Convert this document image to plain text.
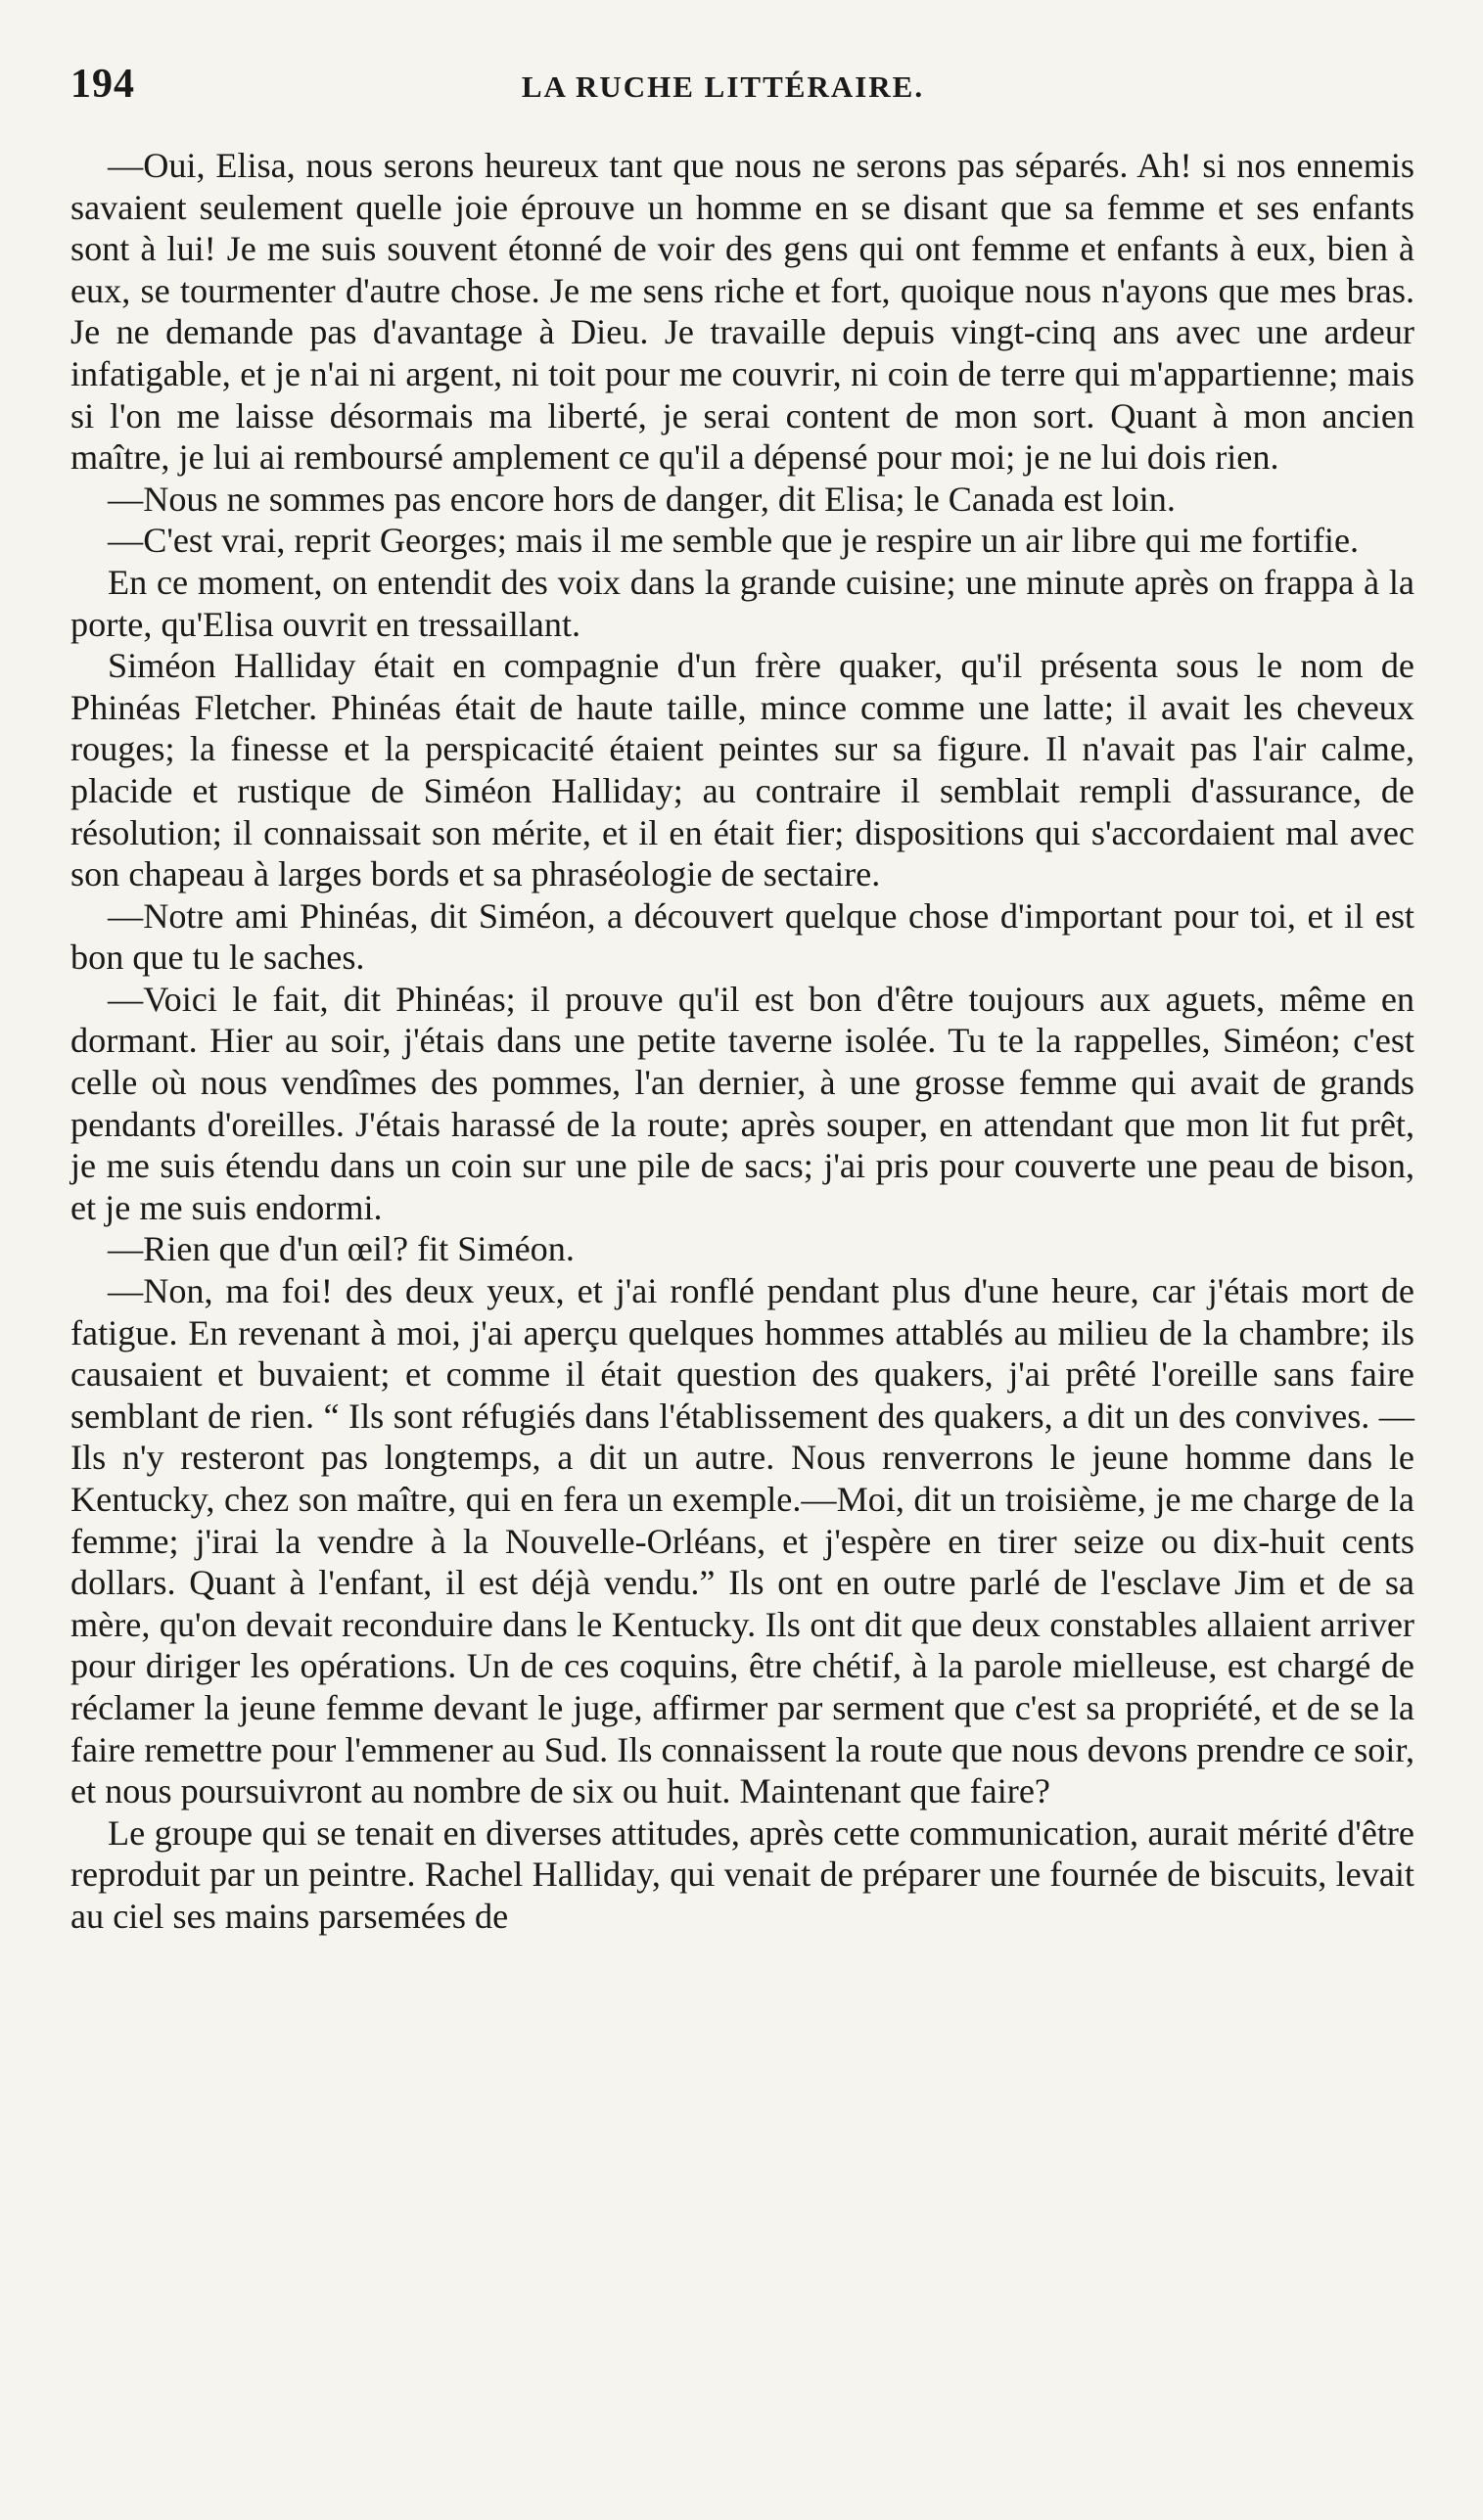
194	LA RUCHE LITTÉRAIRE.

—Oui, Elisa, nous serons heureux tant que nous ne serons pas séparés. Ah! si nos ennemis savaient seulement quelle joie éprouve un homme en se disant que sa femme et ses enfants sont à lui! Je me suis souvent étonné de voir des gens qui ont femme et enfants à eux, bien à eux, se tourmenter d'autre chose. Je me sens riche et fort, quoique nous n'ayons que mes bras. Je ne demande pas d'avantage à Dieu. Je travaille depuis vingt-cinq ans avec une ardeur infatigable, et je n'ai ni argent, ni toit pour me couvrir, ni coin de terre qui m'appartienne; mais si l'on me laisse désormais ma liberté, je serai content de mon sort. Quant à mon ancien maître, je lui ai remboursé amplement ce qu'il a dépensé pour moi; je ne lui dois rien.

—Nous ne sommes pas encore hors de danger, dit Elisa; le Canada est loin.

—C'est vrai, reprit Georges; mais il me semble que je respire un air libre qui me fortifie.

En ce moment, on entendit des voix dans la grande cuisine; une minute après on frappa à la porte, qu'Elisa ouvrit en tressaillant.

Siméon Halliday était en compagnie d'un frère quaker, qu'il présenta sous le nom de Phinéas Fletcher. Phinéas était de haute taille, mince comme une latte; il avait les cheveux rouges; la finesse et la perspicacité étaient peintes sur sa figure. Il n'avait pas l'air calme, placide et rustique de Siméon Halliday; au contraire il semblait rempli d'assurance, de résolution; il connaissait son mérite, et il en était fier; dispositions qui s'accordaient mal avec son chapeau à larges bords et sa phraséologie de sectaire.

—Notre ami Phinéas, dit Siméon, a découvert quelque chose d'important pour toi, et il est bon que tu le saches.

—Voici le fait, dit Phinéas; il prouve qu'il est bon d'être toujours aux aguets, même en dormant. Hier au soir, j'étais dans une petite taverne isolée. Tu te la rappelles, Siméon; c'est celle où nous vendîmes des pommes, l'an dernier, à une grosse femme qui avait de grands pendants d'oreilles. J'étais harassé de la route; après souper, en attendant que mon lit fut prêt, je me suis étendu dans un coin sur une pile de sacs; j'ai pris pour couverte une peau de bison, et je me suis endormi.

—Rien que d'un œil? fit Siméon.

—Non, ma foi! des deux yeux, et j'ai ronflé pendant plus d'une heure, car j'étais mort de fatigue. En revenant à moi, j'ai aperçu quelques hommes attablés au milieu de la chambre; ils causaient et buvaient; et comme il était question des quakers, j'ai prêté l'oreille sans faire semblant de rien. “ Ils sont réfugiés dans l'établissement des quakers, a dit un des convives. —Ils n'y resteront pas longtemps, a dit un autre. Nous renverrons le jeune homme dans le Kentucky, chez son maître, qui en fera un exemple.—Moi, dit un troisième, je me charge de la femme; j'irai la vendre à la Nouvelle-Orléans, et j'espère en tirer seize ou dix-huit cents dollars. Quant à l'enfant, il est déjà vendu.” Ils ont en outre parlé de l'esclave Jim et de sa mère, qu'on devait reconduire dans le Kentucky. Ils ont dit que deux constables allaient arriver pour diriger les opérations. Un de ces coquins, être chétif, à la parole mielleuse, est chargé de réclamer la jeune femme devant le juge, affirmer par serment que c'est sa propriété, et de se la faire remettre pour l'emmener au Sud. Ils connaissent la route que nous devons prendre ce soir, et nous poursuivront au nombre de six ou huit. Maintenant que faire?

Le groupe qui se tenait en diverses attitudes, après cette communication, aurait mérité d'être reproduit par un peintre. Rachel Halliday, qui venait de préparer une fournée de biscuits, levait au ciel ses mains parsemées de
